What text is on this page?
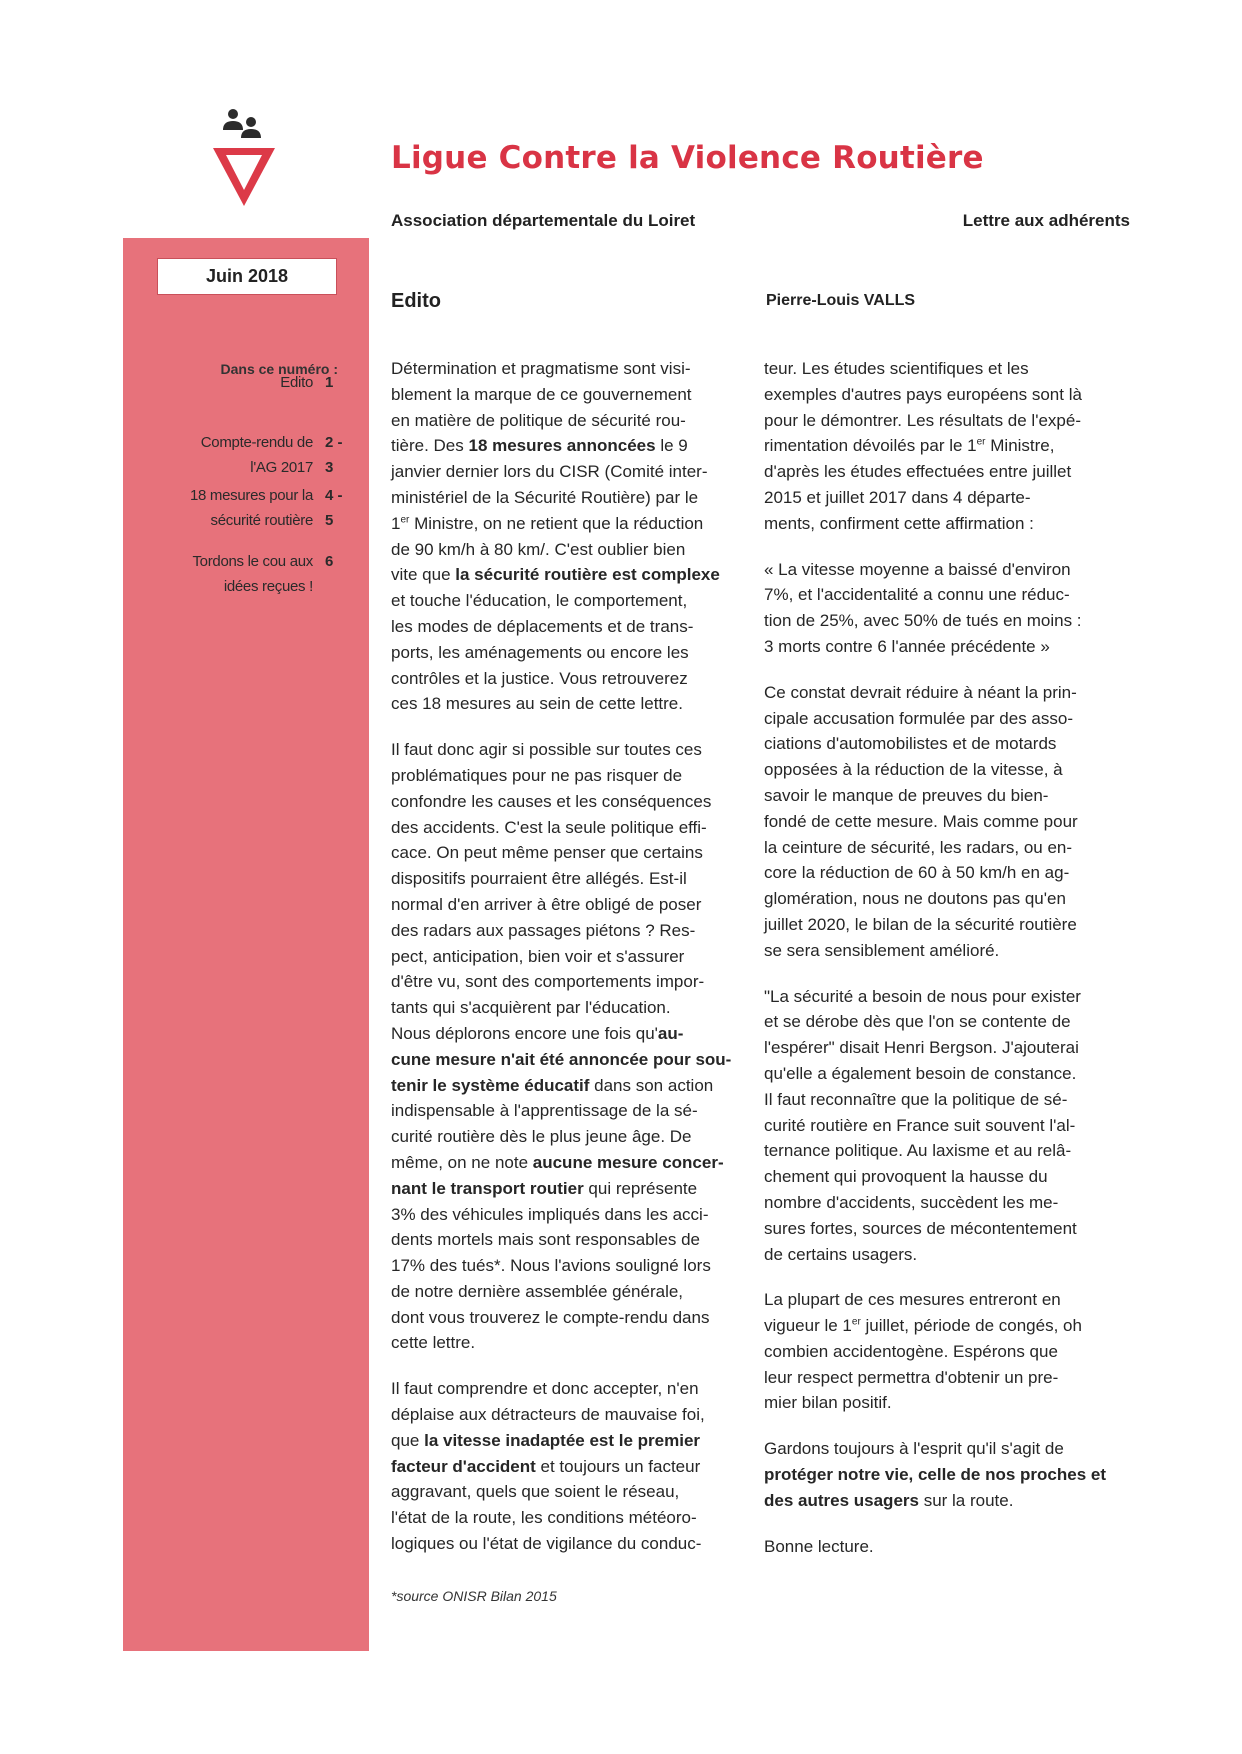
Ligue Contre la Violence Routière
Association départementale du Loiret	Lettre aux adhérents
Juin 2018
Dans ce numéro :
Edito 1
Compte-rendu de
l'AG 2017
2 -
3
18 mesures pour la
sécurité routière
4 -
5
Tordons le cou aux
idées reçues !
6
Edito	Pierre-Louis VALLS

Détermination et pragmatisme sont visi-
blement la marque de ce gouvernement
en matière de politique de sécurité rou-
tière. Des 18 mesures annoncées le 9
janvier dernier lors du CISR (Comité inter-
ministériel de la Sécurité Routière) par le
1er Ministre, on ne retient que la réduction
de 90 km/h à 80 km/. C'est oublier bien
vite que la sécurité routière est complexe
et touche l'éducation, le comportement,
les modes de déplacements et de trans-
ports, les aménagements ou encore les
contrôles et la justice. Vous retrouverez
ces 18 mesures au sein de cette lettre.

Il faut donc agir si possible sur toutes ces
problématiques pour ne pas risquer de
confondre les causes et les conséquences
des accidents. C'est la seule politique effi-
cace. On peut même penser que certains
dispositifs pourraient être allégés. Est-il
normal d'en arriver à être obligé de poser
des radars aux passages piétons ? Res-
pect, anticipation, bien voir et s'assurer
d'être vu, sont des comportements impor-
tants qui s'acquièrent par l'éducation.
Nous déplorons encore une fois qu'au-
cune mesure n'ait été annoncée pour sou-
tenir le système éducatif dans son action
indispensable à l'apprentissage de la sé-
curité routière dès le plus jeune âge. De
même, on ne note aucune mesure concer-
nant le transport routier qui représente
3% des véhicules impliqués dans les acci-
dents mortels mais sont responsables de
17% des tués*. Nous l'avions souligné lors
de notre dernière assemblée générale,
dont vous trouverez le compte-rendu dans
cette lettre.

Il faut comprendre et donc accepter, n'en
déplaise aux détracteurs de mauvaise foi,
que la vitesse inadaptée est le premier
facteur d'accident et toujours un facteur
aggravant, quels que soient le réseau,
l'état de la route, les conditions météoro-
logiques ou l'état de vigilance du conduc-

teur. Les études scientifiques et les
exemples d'autres pays européens sont là
pour le démontrer. Les résultats de l'expé-
rimentation dévoilés par le 1er Ministre,
d'après les études effectuées entre juillet
2015 et juillet 2017 dans 4 départe-
ments, confirment cette affirmation :

« La vitesse moyenne a baissé d'environ
7%, et l'accidentalité a connu une réduc-
tion de 25%, avec 50% de tués en moins :
3 morts contre 6 l'année précédente »

Ce constat devrait réduire à néant la prin-
cipale accusation formulée par des asso-
ciations d'automobilistes et de motards
opposées à la réduction de la vitesse, à
savoir le manque de preuves du bien-
fondé de cette mesure. Mais comme pour
la ceinture de sécurité, les radars, ou en-
core la réduction de 60 à 50 km/h en ag-
glomération, nous ne doutons pas qu'en
juillet 2020, le bilan de la sécurité routière
se sera sensiblement amélioré.

"La sécurité a besoin de nous pour exister
et se dérobe dès que l'on se contente de
l'espérer" disait Henri Bergson. J'ajouterai
qu'elle a également besoin de constance.
Il faut reconnaître que la politique de sé-
curité routière en France suit souvent l'al-
ternance politique. Au laxisme et au relâ-
chement qui provoquent la hausse du
nombre d'accidents, succèdent les me-
sures fortes, sources de mécontentement
de certains usagers.

La plupart de ces mesures entreront en
vigueur le 1er juillet, période de congés, oh
combien accidentogène. Espérons que
leur respect permettra d'obtenir un pre-
mier bilan positif.

Gardons toujours à l'esprit qu'il s'agit de
protéger notre vie, celle de nos proches et
des autres usagers sur la route.

Bonne lecture.

*source ONISR Bilan 2015
